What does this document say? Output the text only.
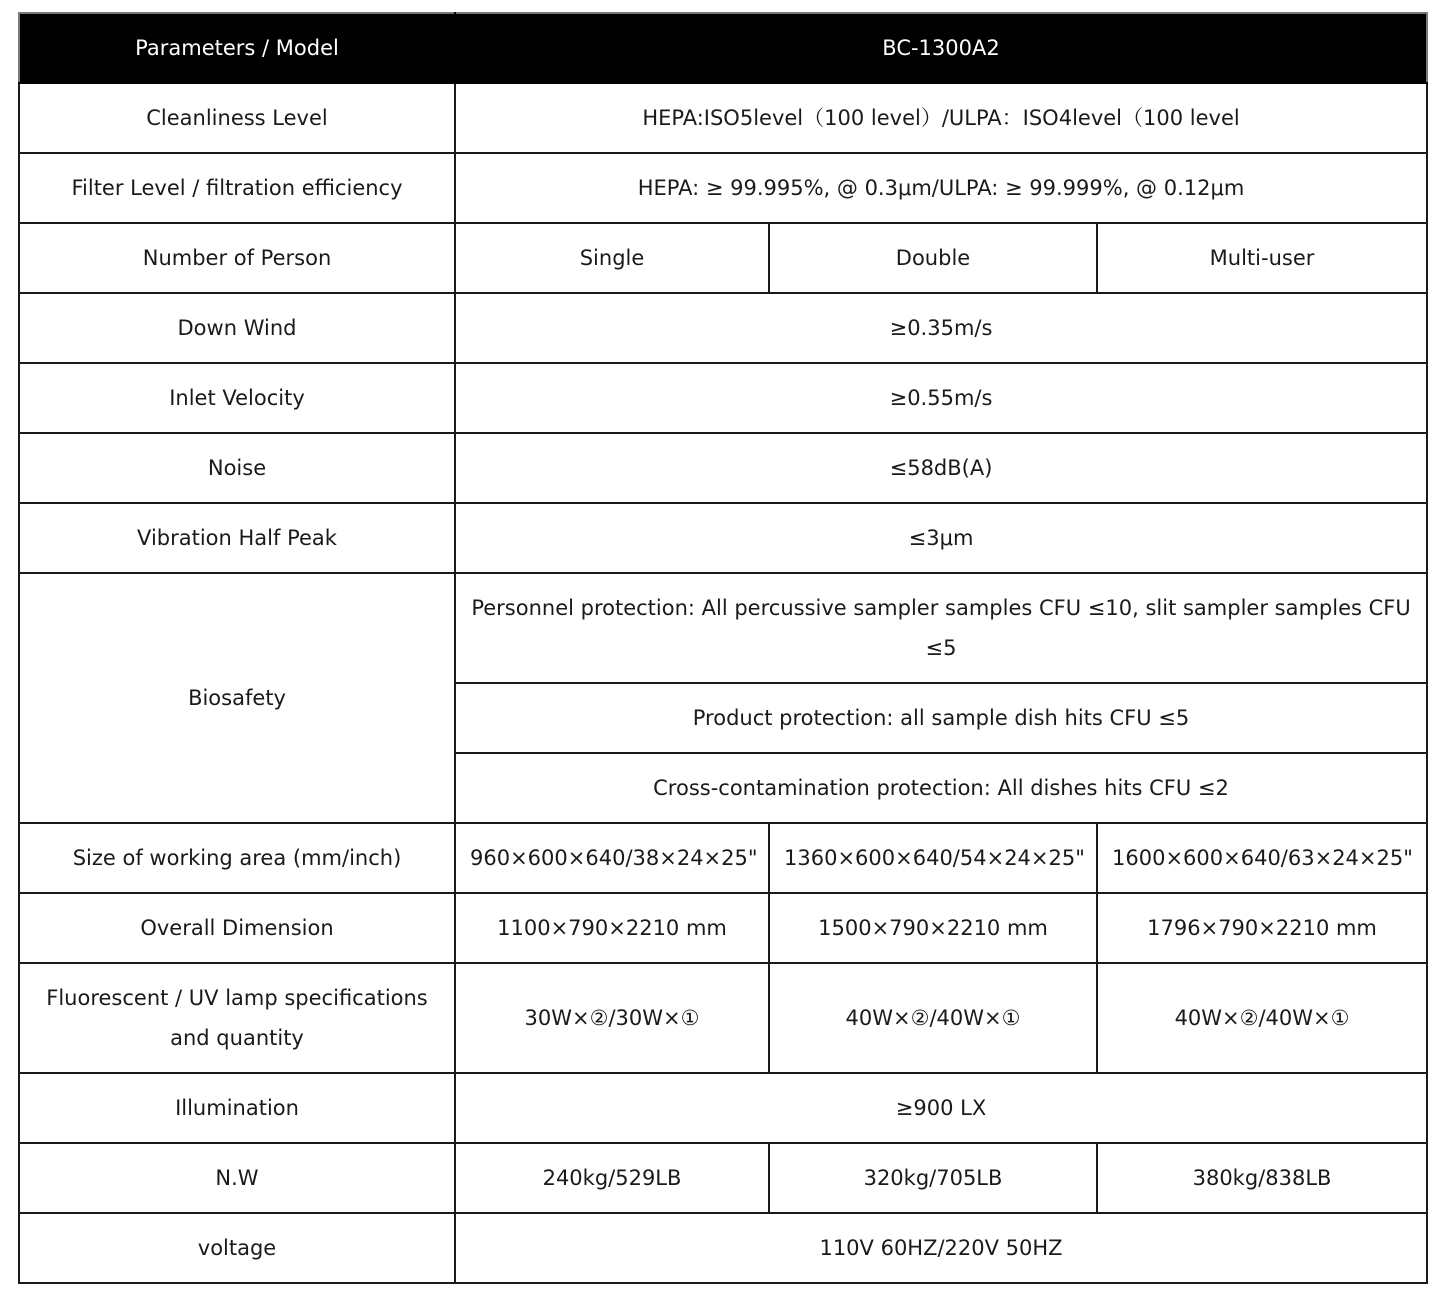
Parameters / Model	BC-1300A2		
Cleanliness Level	HEPA:ISO5level（100 level）/ULPA：ISO4level（100 level		
Filter Level / filtration efficiency	HEPA: ≥ 99.995%, @ 0.3μm/ULPA: ≥ 99.999%, @ 0.12μm		
Number of Person	Single	Double	Multi-user
Down Wind	≥0.35m/s		
Inlet Velocity	≥0.55m/s		
Noise	≤58dB(A)		
Vibration Half Peak	≤3μm		
Biosafety	Personnel protection: All percussive sampler samples CFU ≤10, slit sampler samples CFU ≤5		
	Product protection: all sample dish hits CFU ≤5		
	Cross-contamination protection: All dishes hits CFU ≤2		
Size of working area (mm/inch)	960×600×640/38×24×25"	1360×600×640/54×24×25"	1600×600×640/63×24×25"
Overall Dimension	1100×790×2210 mm	1500×790×2210 mm	1796×790×2210 mm
Fluorescent / UV lamp specifications and quantity	30W×②/30W×①	40W×②/40W×①	40W×②/40W×①
Illumination	≥900 LX		
N.W	240kg/529LB	320kg/705LB	380kg/838LB
voltage	110V 60HZ/220V 50HZ		
